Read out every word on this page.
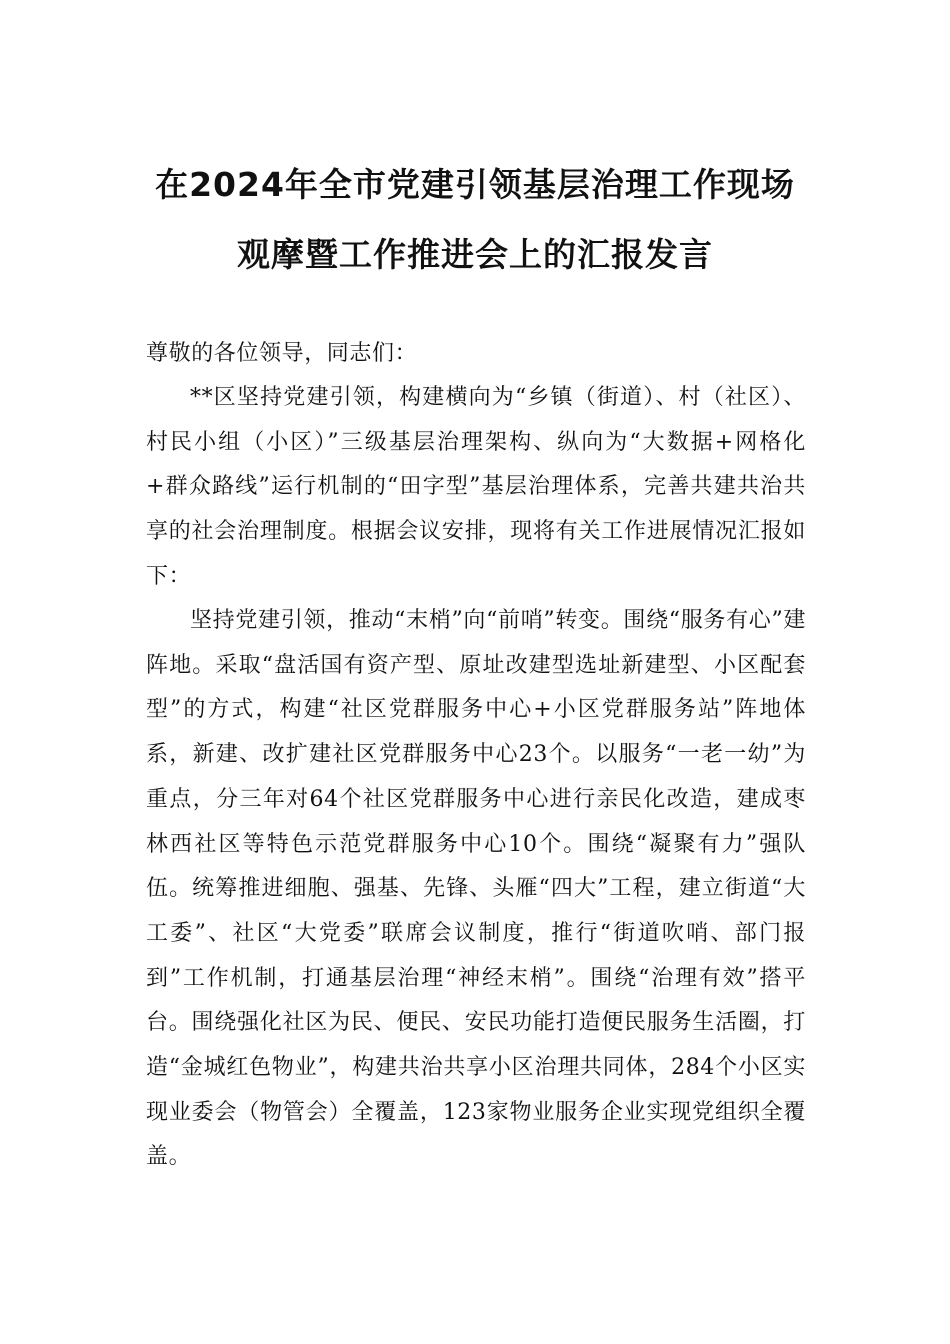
在2024年全市党建引领基层治理工作现场
观摩暨工作推进会上的汇报发言
尊敬的各位领导，同志们：
**区坚持党建引领，构建横向为“乡镇（街道）、村（社区）、村民小组（小区）”三级基层治理架构、纵向为“大数据+网格化+群众路线”运行机制的“田字型”基层治理体系，完善共建共治共享的社会治理制度。根据会议安排，现将有关工作进展情况汇报如下：
坚持党建引领，推动“末梢”向“前哨”转变。围绕“服务有心”建阵地。采取“盘活国有资产型、原址改建型选址新建型、小区配套型”的方式，构建“社区党群服务中心+小区党群服务站”阵地体系，新建、改扩建社区党群服务中心23个。以服务“一老一幼”为重点，分三年对64个社区党群服务中心进行亲民化改造，建成枣林西社区等特色示范党群服务中心10个。围绕“凝聚有力”强队伍。统筹推进细胞、强基、先锋、头雁“四大”工程，建立街道“大工委”、社区“大党委”联席会议制度，推行“街道吹哨、部门报到”工作机制，打通基层治理“神经末梢”。围绕“治理有效”搭平台。围绕强化社区为民、便民、安民功能打造便民服务生活圈，打造“金城红色物业”，构建共治共享小区治理共同体，284个小区实现业委会（物管会）全覆盖，123家物业服务企业实现党组织全覆盖。
